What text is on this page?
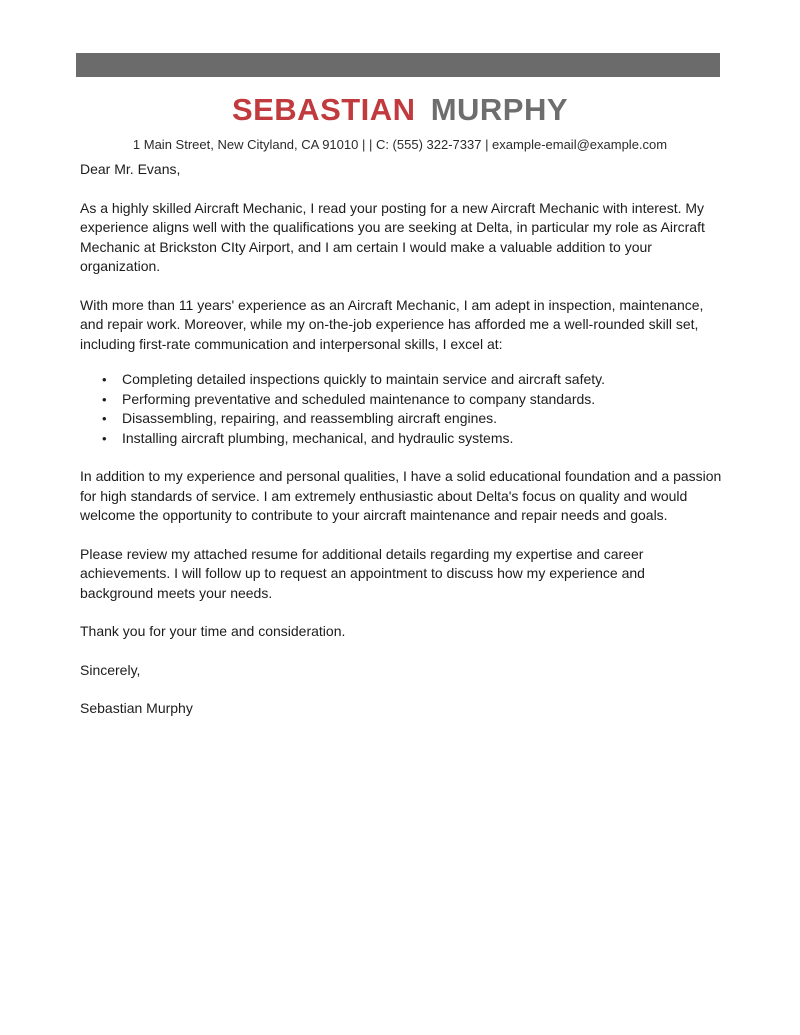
SEBASTIAN MURPHY
1 Main Street, New Cityland, CA 91010 | | C: (555) 322-7337 | example-email@example.com

Dear Mr. Evans,

As a highly skilled Aircraft Mechanic, I read your posting for a new Aircraft Mechanic with interest. My experience aligns well with the qualifications you are seeking at Delta, in particular my role as Aircraft Mechanic at Brickston CIty Airport, and I am certain I would make a valuable addition to your organization.

With more than 11 years' experience as an Aircraft Mechanic, I am adept in inspection, maintenance, and repair work. Moreover, while my on-the-job experience has afforded me a well-rounded skill set, including first-rate communication and interpersonal skills, I excel at:

•	Completing detailed inspections quickly to maintain service and aircraft safety.
•	Performing preventative and scheduled maintenance to company standards.
•	Disassembling, repairing, and reassembling aircraft engines.
•	Installing aircraft plumbing, mechanical, and hydraulic systems.

In addition to my experience and personal qualities, I have a solid educational foundation and a passion for high standards of service. I am extremely enthusiastic about Delta's focus on quality and would welcome the opportunity to contribute to your aircraft maintenance and repair needs and goals.

Please review my attached resume for additional details regarding my expertise and career achievements. I will follow up to request an appointment to discuss how my experience and background meets your needs.

Thank you for your time and consideration.

Sincerely,

Sebastian Murphy
